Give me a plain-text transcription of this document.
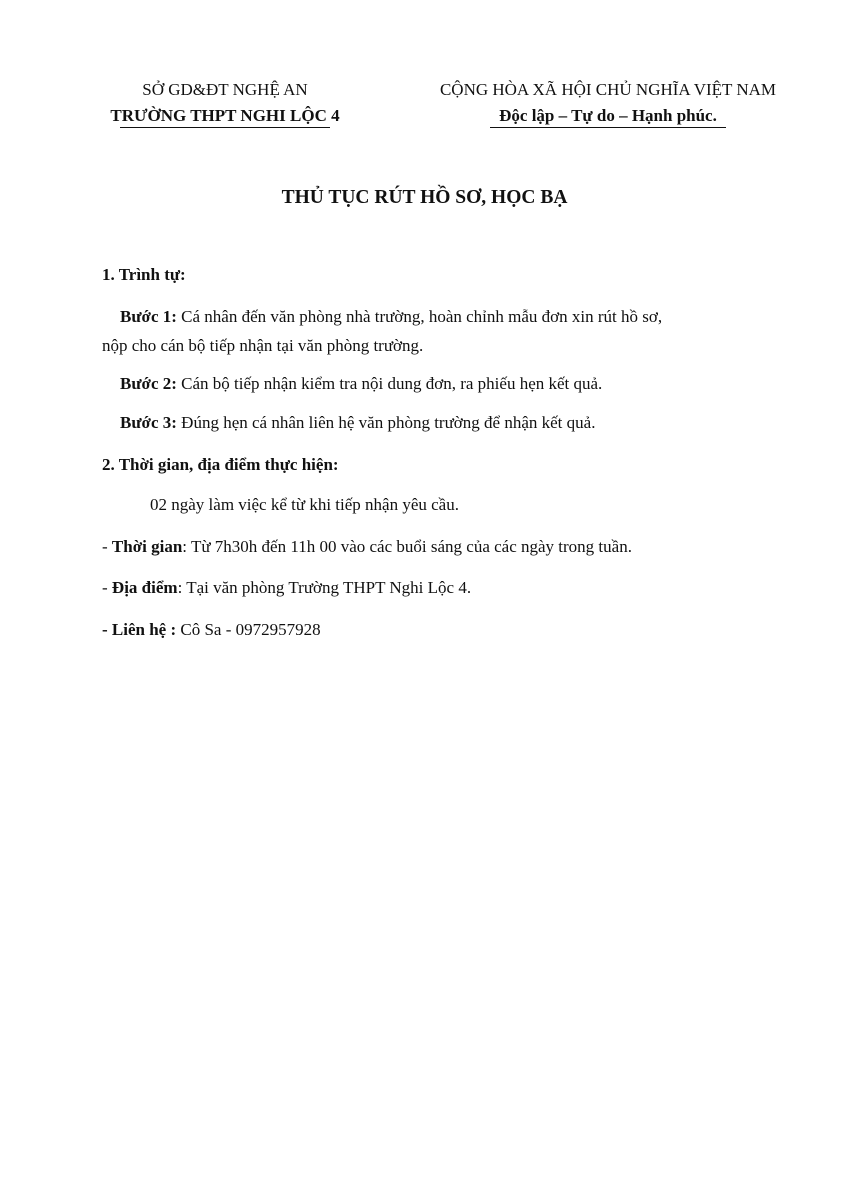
SỞ GD&ĐT NGHỆ AN
TRƯỜNG THPT NGHI LỘC 4
CỘNG HÒA XÃ HỘI CHỦ NGHĨA VIỆT NAM
Độc lập – Tự do – Hạnh phúc.
THỦ TỤC RÚT HỒ SƠ, HỌC BẠ
1. Trình tự:
Bước 1: Cá nhân đến văn phòng nhà trường, hoàn chỉnh mẫu đơn xin rút hồ sơ,
nộp cho cán bộ tiếp nhận tại văn phòng trường.
Bước 2: Cán bộ tiếp nhận kiểm tra nội dung đơn, ra phiếu hẹn kết quả.
Bước 3: Đúng hẹn cá nhân liên hệ văn phòng trường để nhận kết quả.
2. Thời gian, địa điểm thực hiện:
02 ngày làm việc kể từ khi tiếp nhận yêu cầu.
- Thời gian: Từ 7h30h đến 11h 00 vào các buổi sáng của các ngày trong tuần.
- Địa điểm: Tại văn phòng Trường THPT Nghi Lộc 4.
- Liên hệ : Cô Sa - 0972957928
